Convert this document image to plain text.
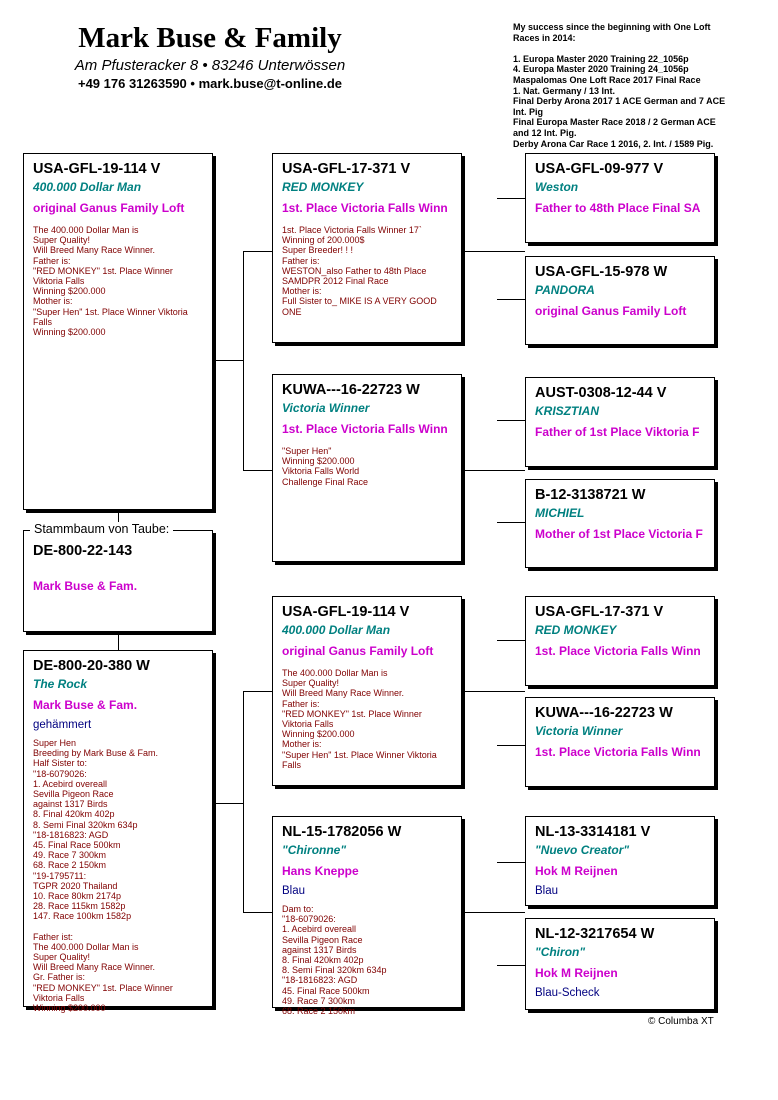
Mark Buse & Family
Am Pfusteracker 8 • 83246 Unterwössen
+49 176 31263590 • mark.buse@t-online.de
My success since the beginning with One Loft
Races in 2014:
1. Europa Master 2020 Training 22_1056p
4. Europa Master 2020 Training 24_1056p
Maspalomas One Loft Race 2017 Final Race
1. Nat. Germany / 13 Int.
Final Derby Arona 2017 1 ACE German and 7 ACE
Int. Pig
Final Europa Master Race 2018 / 2 German ACE
and 12 Int. Pig.
Derby Arona Car Race 1 2016, 2. Int. / 1589 Pig.
USA-GFL-19-114 V
400.000 Dollar Man
original Ganus Family Loft
The 400.000 Dollar Man is
Super Quality!
Will Breed Many Race Winner.
Father is:
"RED MONKEY" 1st. Place Winner
Viktoria Falls
Winning $200.000
Mother is:
"Super Hen" 1st. Place Winner Viktoria
Falls
Winning $200.000
DE-800-22-143
Mark Buse & Fam.
Stammbaum von Taube:
DE-800-20-380 W
The Rock
Mark Buse & Fam.
gehämmert
Super Hen
Breeding by Mark Buse & Fam.
Half Sister to:
"18-6079026:
1. Acebird overeall
Sevilla Pigeon Race
against 1317 Birds
8. Final 420km 402p
8. Semi Final 320km 634p
"18-1816823: AGD
45. Final Race 500km
49. Race 7 300km
68. Race 2 150km
"19-1795711:
TGPR 2020 Thailand
10. Race 80km 2174p
28. Race 115km 1582p
147. Race 100km 1582p
Father ist:
The 400.000 Dollar Man is
Super Quality!
Will Breed Many Race Winner.
Gr. Father is:
"RED MONKEY" 1st. Place Winner
Viktoria Falls
Winning $200.000
USA-GFL-17-371 V
RED MONKEY
1st. Place Victoria Falls Winn
1st. Place Victoria Falls Winner 17`
Winning of 200.000$
Super Breeder! ! !
Father is:
WESTON_also Father to 48th Place
SAMDPR 2012 Final Race
Mother is:
Full Sister to_ MIKE IS A VERY GOOD
ONE
KUWA---16-22723 W
Victoria Winner
1st. Place Victoria Falls Winn
"Super Hen"
Winning $200.000
Viktoria Falls World
Challenge Final Race
USA-GFL-19-114 V
400.000 Dollar Man
original Ganus Family Loft
The 400.000 Dollar Man is
Super Quality!
Will Breed Many Race Winner.
Father is:
"RED MONKEY" 1st. Place Winner
Viktoria Falls
Winning $200.000
Mother is:
"Super Hen" 1st. Place Winner Viktoria
Falls
NL-15-1782056 W
"Chironne"
Hans Kneppe
Blau
Dam to:
"18-6079026:
1. Acebird overeall
Sevilla Pigeon Race
against 1317 Birds
8. Final 420km 402p
8. Semi Final 320km 634p
"18-1816823: AGD
45. Final Race 500km
49. Race 7 300km
68. Race 2 150km
USA-GFL-09-977 V
Weston
Father to 48th Place Final SA
USA-GFL-15-978 W
PANDORA
original Ganus Family Loft
AUST-0308-12-44 V
KRISZTIAN
Father of 1st Place Viktoria F
B-12-3138721 W
MICHIEL
Mother of 1st Place Victoria F
USA-GFL-17-371 V
RED MONKEY
1st. Place Victoria Falls Winn
KUWA---16-22723 W
Victoria Winner
1st. Place Victoria Falls Winn
NL-13-3314181 V
"Nuevo Creator"
Hok M Reijnen
Blau
NL-12-3217654 W
"Chiron"
Hok M Reijnen
Blau-Scheck
© Columba XT
